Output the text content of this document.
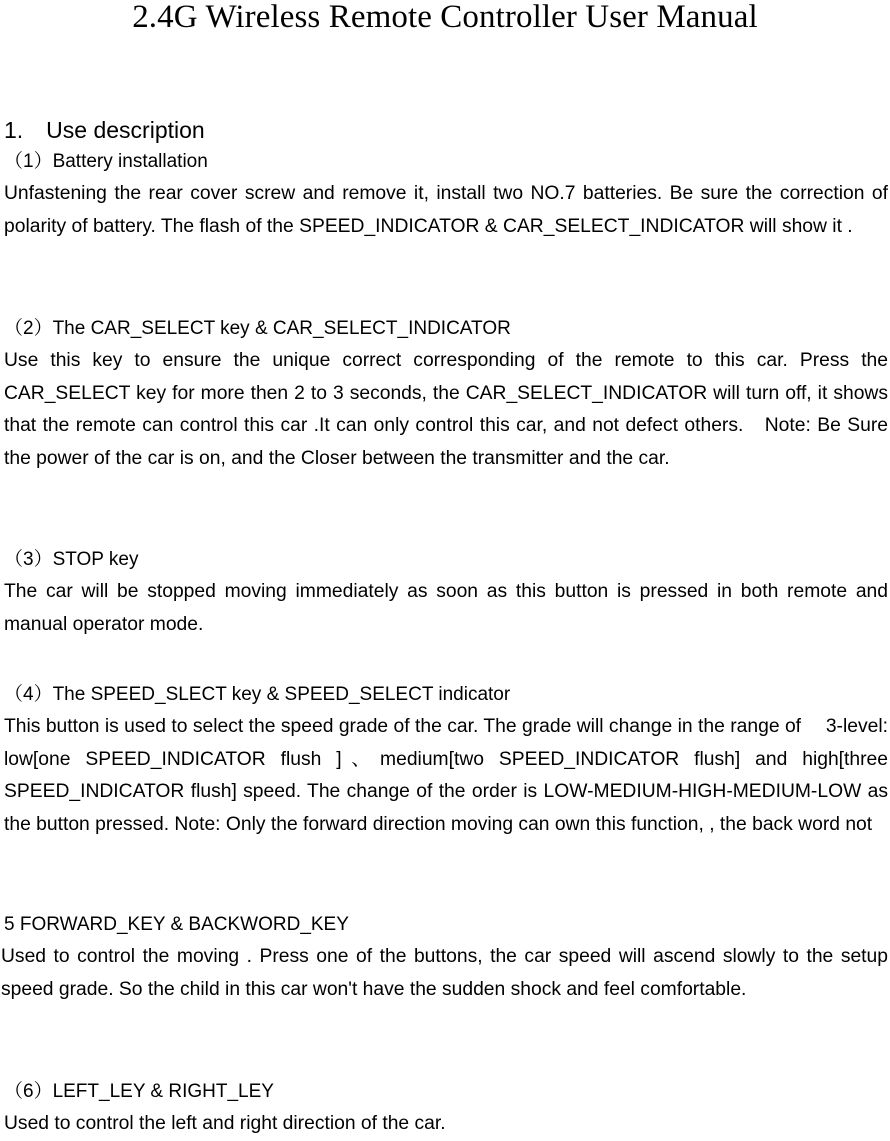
2.4G Wireless Remote Controller User Manual
1.　Use description
（1）Battery installation

Unfastening the rear cover screw and remove it, install two NO.7 batteries. Be sure the correction of polarity of battery. The flash of the SPEED_INDICATOR & CAR_SELECT_INDICATOR will show it .

（2）The CAR_SELECT key & CAR_SELECT_INDICATOR

Use this key to ensure the unique correct corresponding of the remote to this car. Press the CAR_SELECT key for more then 2 to 3 seconds, the CAR_SELECT_INDICATOR will turn off, it shows that the remote can control this car .It can only control this car, and not defect others.　Note: Be Sure the power of the car is on, and the Closer between the transmitter and the car.

（3）STOP key

The car will be stopped moving immediately as soon as this button is pressed in both remote and manual operator mode.

（4）The SPEED_SLECT key & SPEED_SELECT indicator

This button is used to select the speed grade of the car. The grade will change in the range of　 3-level: low[one SPEED_INDICATOR flush ]、medium[two SPEED_INDICATOR flush] and high[three SPEED_INDICATOR flush] speed. The change of the order is LOW-MEDIUM-HIGH-MEDIUM-LOW as the button pressed. Note: Only the forward direction moving can own this function, , the back word not

5 FORWARD_KEY & BACKWORD_KEY

Used to control the moving . Press one of the buttons, the car speed will ascend slowly to the setup speed grade. So the child in this car won't have the sudden shock and feel comfortable.

（6）LEFT_LEY & RIGHT_LEY

Used to control the left and right direction of the car.
